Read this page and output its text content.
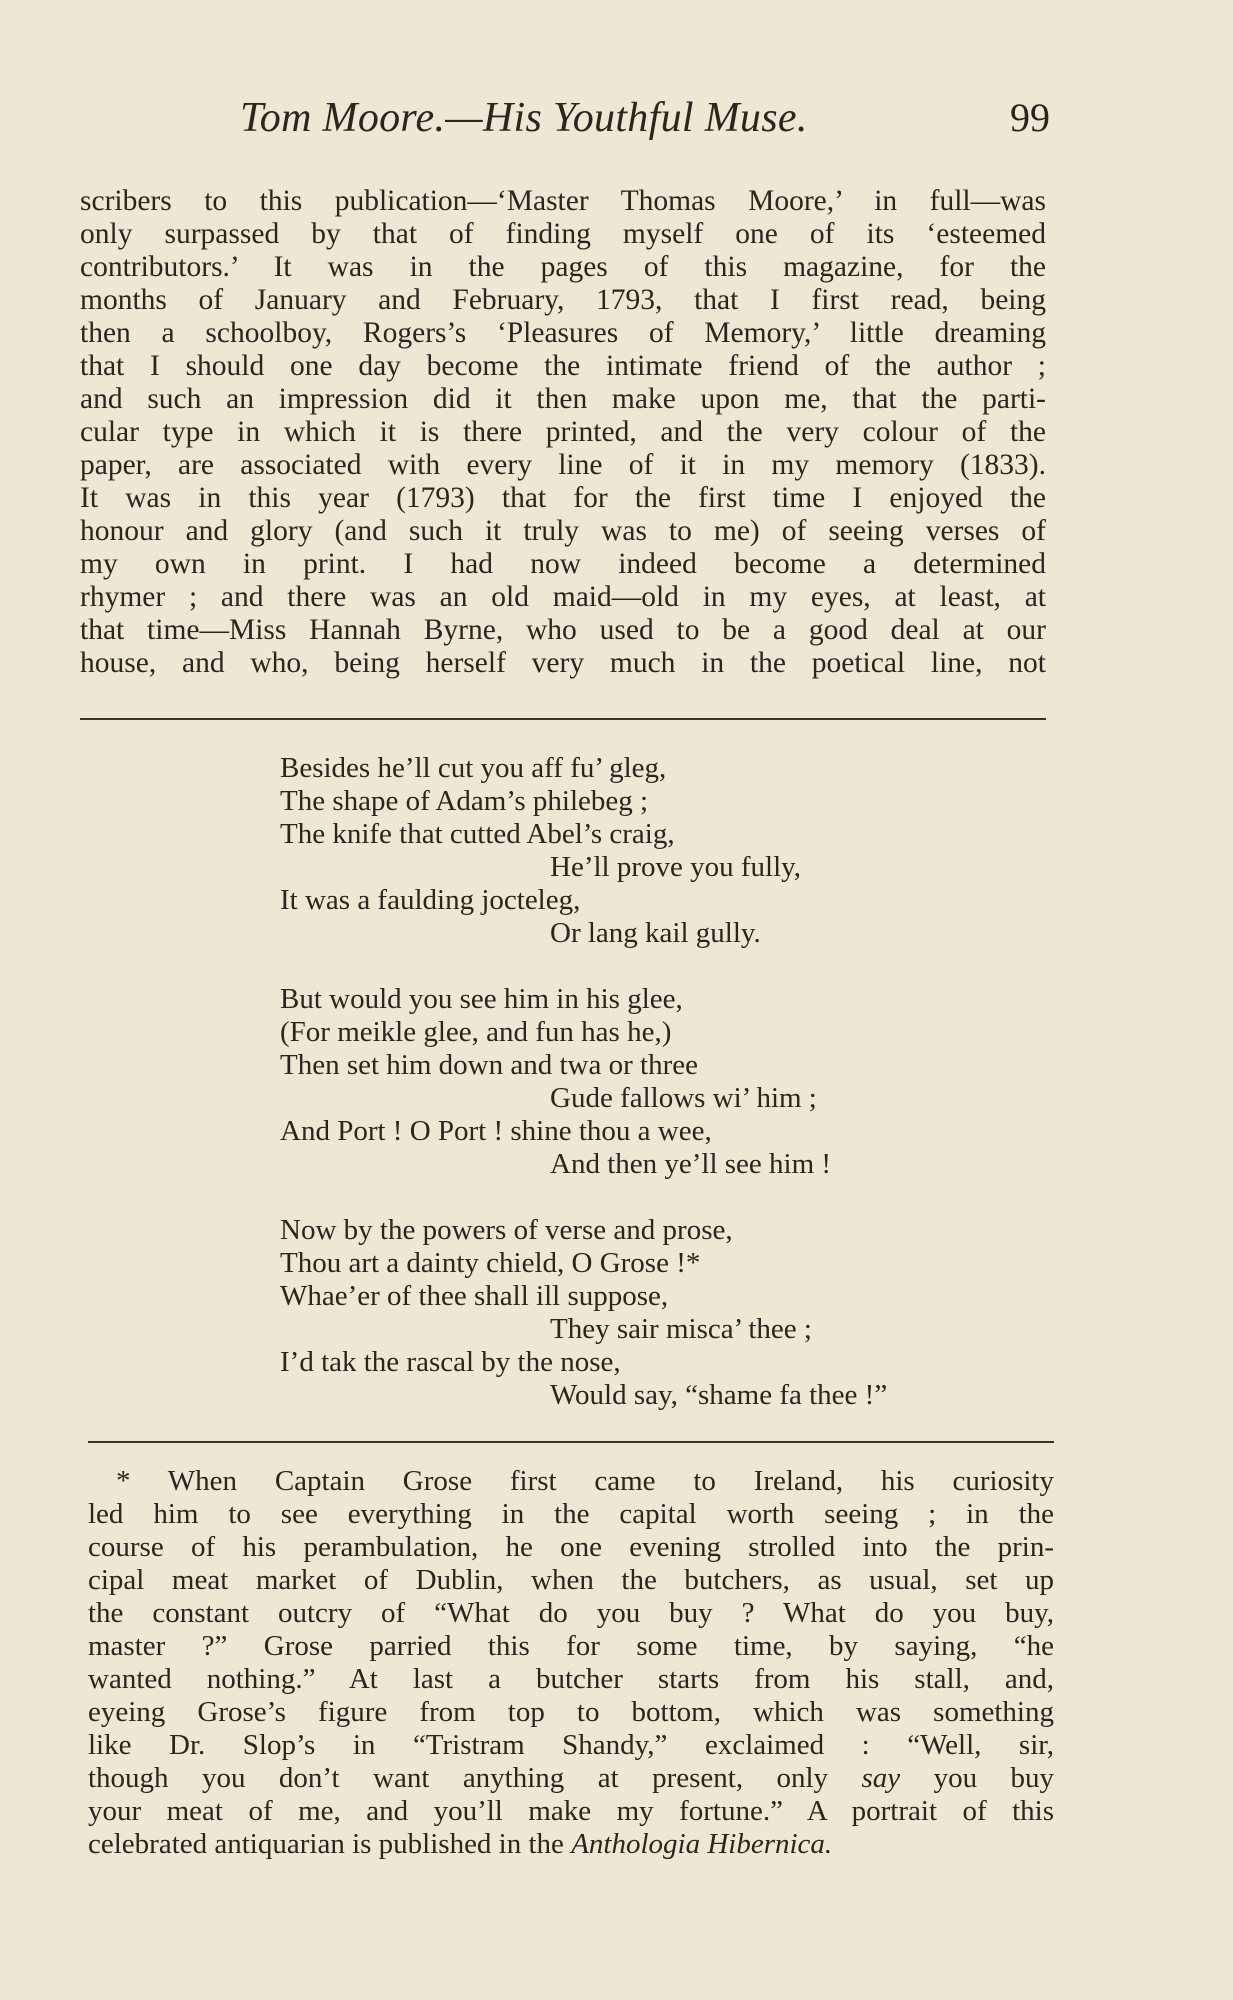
Tom Moore.—His Youthful Muse.	99
scribers to this publication—‘Master Thomas Moore,’ in full—was
only surpassed by that of finding myself one of its ‘esteemed
contributors.’ It was in the pages of this magazine, for the
months of January and February, 1793, that I first read, being
then a schoolboy, Rogers’s ‘Pleasures of Memory,’ little dreaming
that I should one day become the intimate friend of the author ;
and such an impression did it then make upon me, that the parti-
cular type in which it is there printed, and the very colour of the
paper, are associated with every line of it in my memory (1833).
It was in this year (1793) that for the first time I enjoyed the
honour and glory (and such it truly was to me) of seeing verses of
my own in print. I had now indeed become a determined
rhymer ; and there was an old maid—old in my eyes, at least, at
that time—Miss Hannah Byrne, who used to be a good deal at our
house, and who, being herself very much in the poetical line, not
Besides he’ll cut you aff fu’ gleg,
The shape of Adam’s philebeg ;
The knife that cutted Abel’s craig,
He’ll prove you fully,
It was a faulding jocteleg,
Or lang kail gully.
But would you see him in his glee,
(For meikle glee, and fun has he,)
Then set him down and twa or three
Gude fallows wi’ him ;
And Port ! O Port ! shine thou a wee,
And then ye’ll see him !
Now by the powers of verse and prose,
Thou art a dainty chield, O Grose !*
Whae’er of thee shall ill suppose,
They sair misca’ thee ;
I’d tak the rascal by the nose,
Would say, “shame fa thee !”
* When Captain Grose first came to Ireland, his curiosity
led him to see everything in the capital worth seeing ; in the
course of his perambulation, he one evening strolled into the prin-
cipal meat market of Dublin, when the butchers, as usual, set up
the constant outcry of “What do you buy ? What do you buy,
master ?” Grose parried this for some time, by saying, “he
wanted nothing.” At last a butcher starts from his stall, and,
eyeing Grose’s figure from top to bottom, which was something
like Dr. Slop’s in “Tristram Shandy,” exclaimed : “Well, sir,
though you don’t want anything at present, only say you buy
your meat of me, and you’ll make my fortune.” A portrait of this
celebrated antiquarian is published in the Anthologia Hibernica.
